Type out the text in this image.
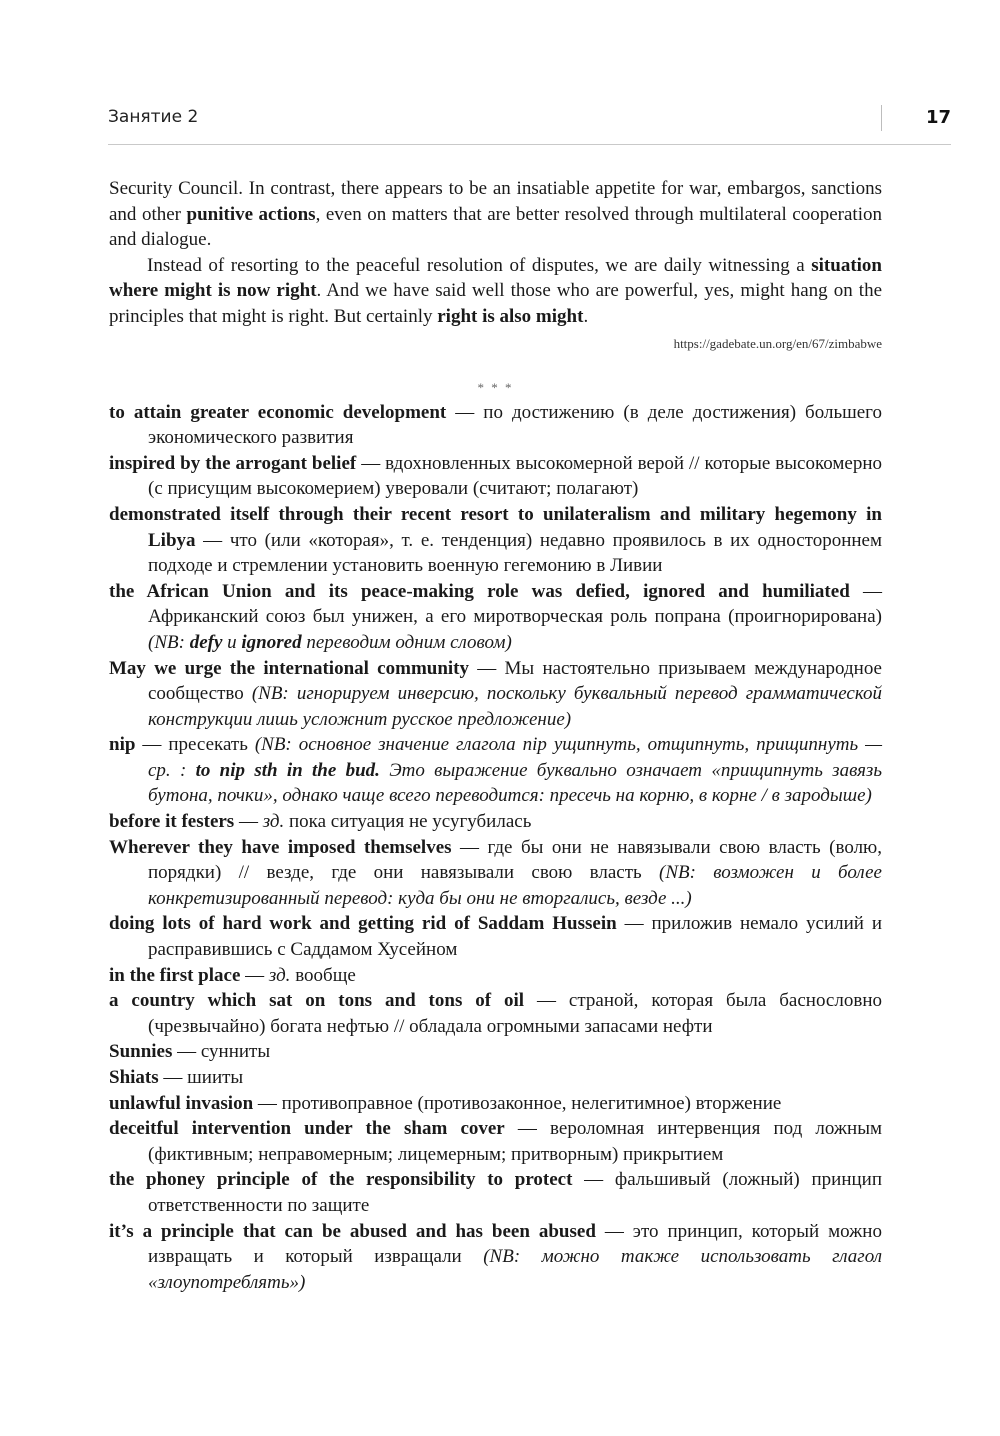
Занятие 2	17

Security Council. In contrast, there appears to be an insatiable appetite for war, embargos, sanctions and other punitive actions, even on matters that are better resolved through multilateral cooperation and dialogue.

Instead of resorting to the peaceful resolution of disputes, we are daily witnessing a situation where might is now right. And we have said well those who are powerful, yes, might hang on the principles that might is right. But certainly right is also might.

https://gadebate.un.org/en/67/zimbabwe
* * *

to attain greater economic development — по достижению (в деле достижения) большего экономического развития

inspired by the arrogant belief — вдохновленных высокомерной верой // которые высокомерно (с присущим высокомерием) уверовали (считают; полагают)

demonstrated itself through their recent resort to unilateralism and military hegemony in Libya — что (или «которая», т. е. тенденция) недавно проявилось в их одностороннем подходе и стремлении установить военную гегемонию в Ливии

the African Union and its peace-making role was defied, ignored and humiliated — Африканский союз был унижен, а его миротворческая роль попрана (проигнорирована) (NB: defy и ignored переводим одним словом)

May we urge the international community — Мы настоятельно призываем международное сообщество (NB: игнорируем инверсию, поскольку буквальный перевод грамматической конструкции лишь усложнит русское предложение)

nip — пресекать (NB: основное значение глагола nip ущипнуть, отщипнуть, прищипнуть — ср. : to nip sth in the bud. Это выражение буквально означает «прищипнуть завязь бутона, почки», однако чаще всего переводится: пресечь на корню, в корне / в зародыше)

before it festers — зд. пока ситуация не усугубилась

Wherever they have imposed themselves — где бы они не навязывали свою власть (волю, порядки) // везде, где они навязывали свою власть (NB: возможен и более конкретизированный перевод: куда бы они не вторгались, везде ...)

doing lots of hard work and getting rid of Saddam Hussein — приложив немало усилий и расправившись с Саддамом Хусейном

in the first place — зд. вообще

a country which sat on tons and tons of oil — страной, которая была баснословно (чрезвычайно) богата нефтью // обладала огромными запасами нефти

Sunnies — сунниты

Shiats — шииты

unlawful invasion — противоправное (противозаконное, нелегитимное) вторжение

deceitful intervention under the sham cover — вероломная интервенция под ложным (фиктивным; неправомерным; лицемерным; притворным) прикрытием

the phoney principle of the responsibility to protect — фальшивый (ложный) принцип ответственности по защите

it’s a principle that can be abused and has been abused — это принцип, который можно извращать и который извращали (NB: можно также использовать глагол «злоупотреблять»)
